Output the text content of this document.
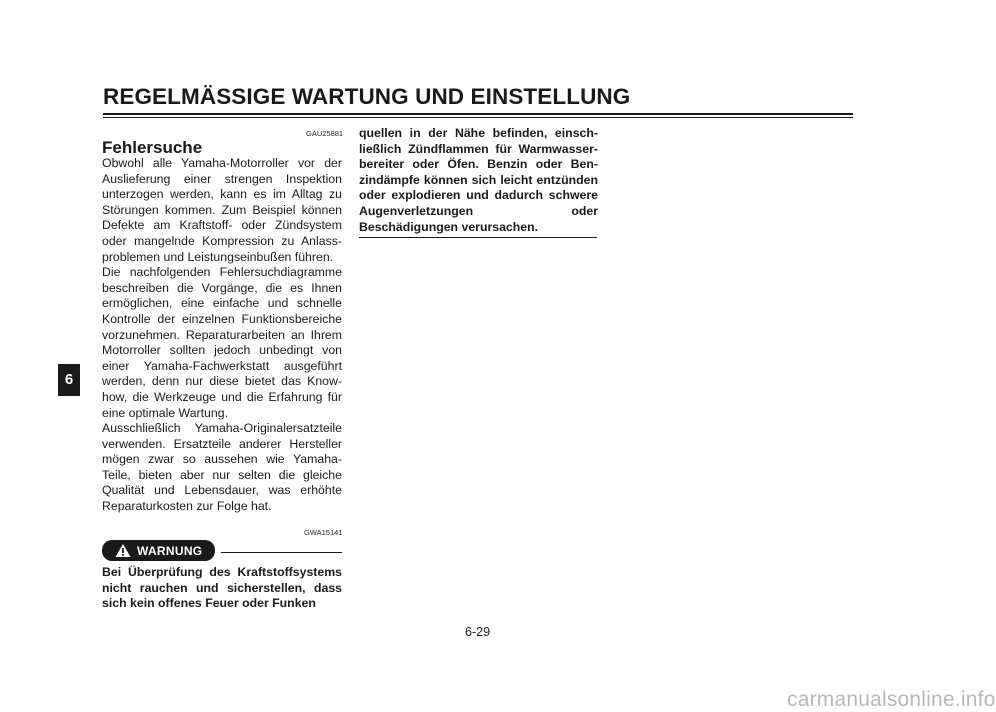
REGELMÄSSIGE WARTUNG UND EINSTELLUNG
6
GAU25881
Fehlersuche

Obwohl alle Yamaha-Motorroller vor der Auslieferung einer strengen Inspektion unterzogen werden, kann es im Alltag zu Störungen kommen. Zum Beispiel können Defekte am Kraftstoff- oder Zündsystem oder mangelnde Kompression zu Anlassproblemen und Leistungseinbußen führen.

Die nachfolgenden Fehlersuchdiagramme beschreiben die Vorgänge, die es Ihnen ermöglichen, eine einfache und schnelle Kontrolle der einzelnen Funktionsbereiche vorzunehmen. Reparaturarbeiten an Ihrem Motorroller sollten jedoch unbedingt von einer Yamaha-Fachwerkstatt ausgeführt werden, denn nur diese bietet das Know-how, die Werkzeuge und die Erfahrung für eine optimale Wartung.

Ausschließlich Yamaha-Originalersatzteile verwenden. Ersatzteile anderer Hersteller mögen zwar so aussehen wie Yamaha-Teile, bieten aber nur selten die gleiche Qualität und Lebensdauer, was erhöhte Reparaturkosten zur Folge hat.

GWA15141
WARNUNG
Bei Überprüfung des Kraftstoffsystems nicht rauchen und sicherstellen, dass sich kein offenes Feuer oder Funken
quellen in der Nähe befinden, einschließlich Zündflammen für Warmwasserbereiter oder Öfen. Benzin oder Benzindämpfe können sich leicht entzünden oder explodieren und dadurch schwere Augenverletzungen oder Beschädigungen verursachen.
6-29
carmanualsonline.info
